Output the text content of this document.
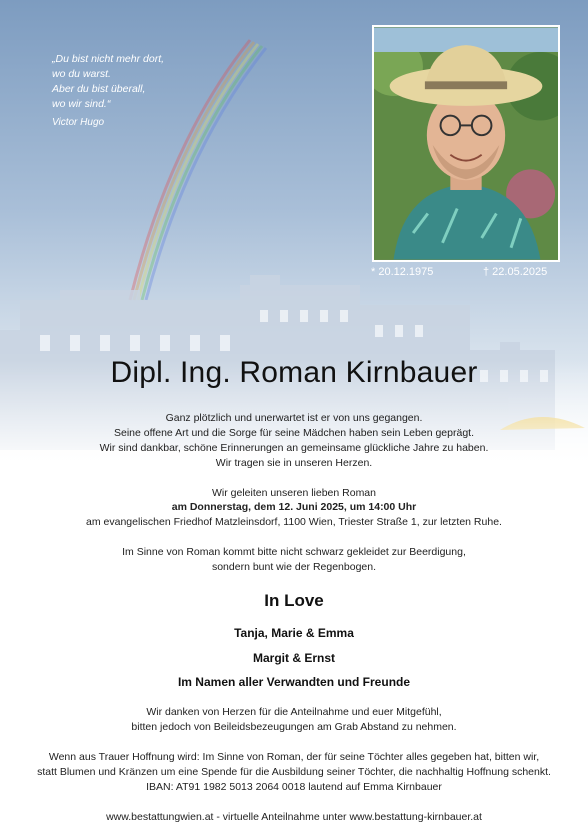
„Du bist nicht mehr dort,
wo du warst.
Aber du bist überall,
wo wir sind.“
Victor Hugo
* 20.12.1975	† 22.05.2025
Dipl. Ing. Roman Kirnbauer
Ganz plötzlich und unerwartet ist er von uns gegangen.
Seine offene Art und die Sorge für seine Mädchen haben sein Leben geprägt.
Wir sind dankbar, schöne Erinnerungen an gemeinsame glückliche Jahre zu haben.
Wir tragen sie in unseren Herzen.
Wir geleiten unseren lieben Roman
am Donnerstag, dem 12. Juni 2025, um 14:00 Uhr
am evangelischen Friedhof Matzleinsdorf, 1100 Wien, Triester Straße 1, zur letzten Ruhe.
Im Sinne von Roman kommt bitte nicht schwarz gekleidet zur Beerdigung,
sondern bunt wie der Regenbogen.
In Love
Tanja, Marie & Emma
Margit & Ernst
Im Namen aller Verwandten und Freunde
Wir danken von Herzen für die Anteilnahme und euer Mitgefühl,
bitten jedoch von Beileidsbezeugungen am Grab Abstand zu nehmen.
Wenn aus Trauer Hoffnung wird: Im Sinne von Roman, der für seine Töchter alles gegeben hat, bitten wir,
statt Blumen und Kränzen um eine Spende für die Ausbildung seiner Töchter, die nachhaltig Hoffnung schenkt.
IBAN: AT91 1982 5013 2064 0018 lautend auf Emma Kirnbauer
www.bestattungwien.at - virtuelle Anteilnahme unter www.bestattung-kirnbauer.at
